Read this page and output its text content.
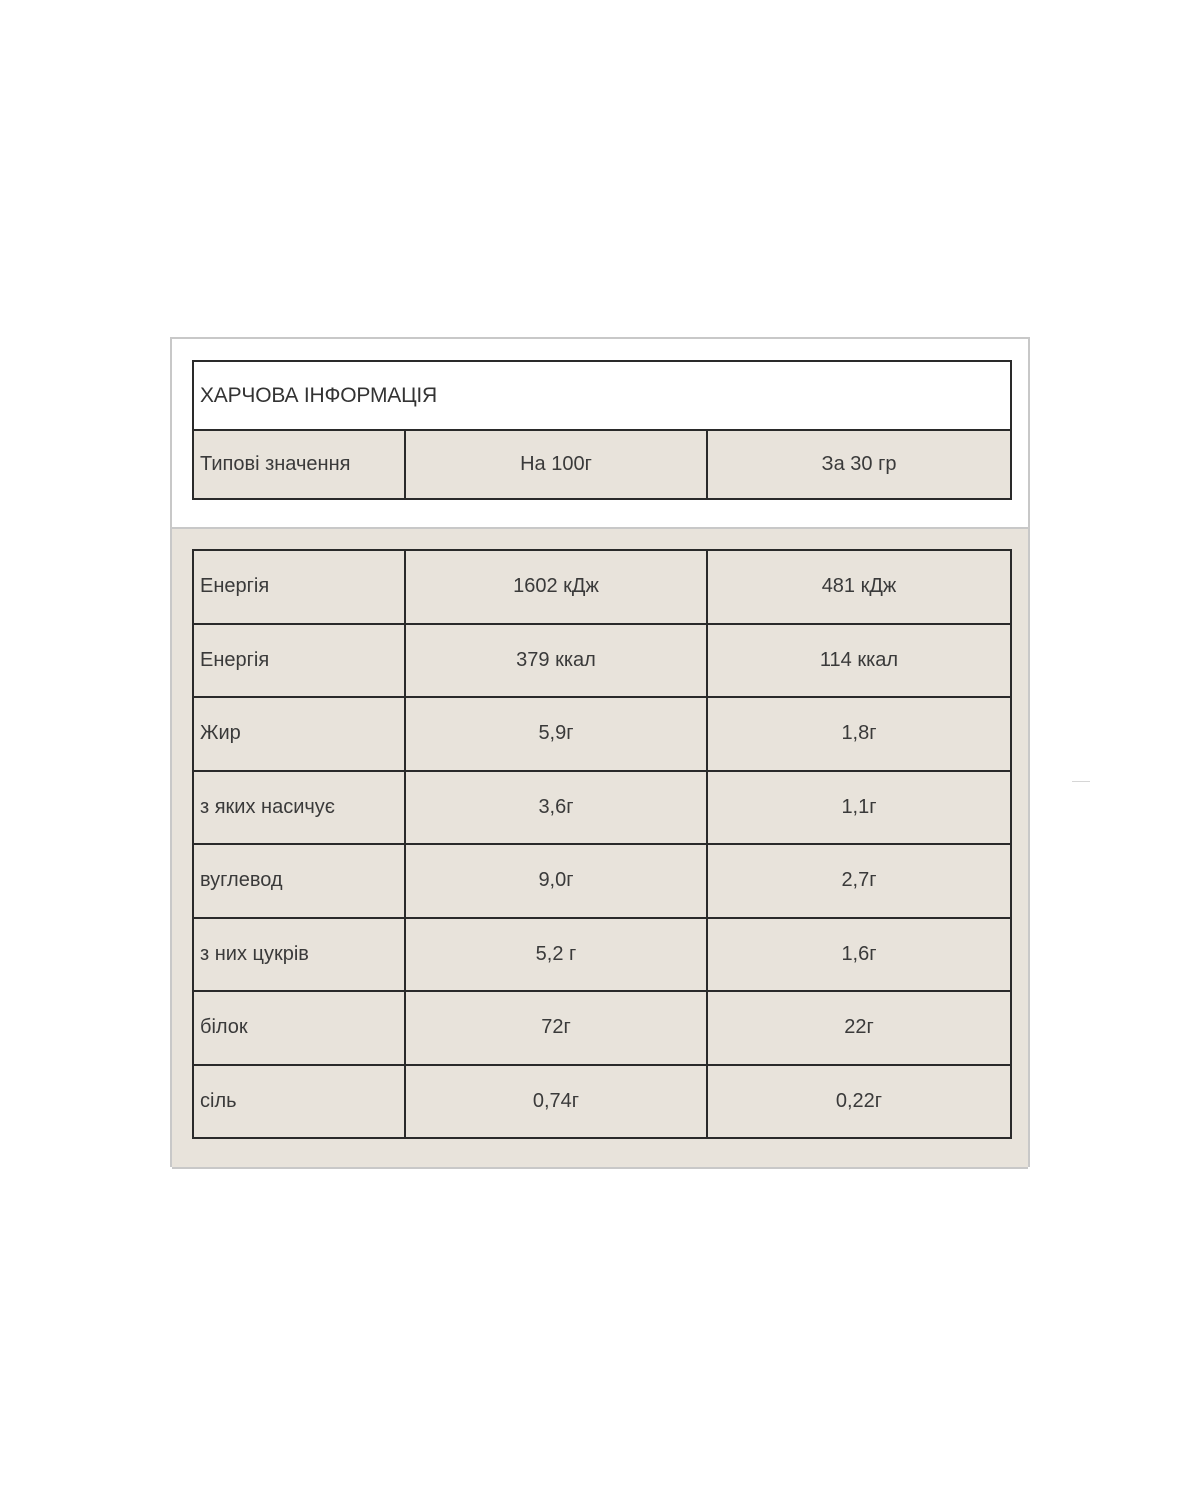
ХАРЧОВА ІНФОРМАЦІЯ
Типові значення	На 100г	За 30 гр
Енергія	1602 кДж	481 кДж
Енергія	379 ккал	114 ккал
Жир	5,9г	1,8г
з яких насичує	3,6г	1,1г
вуглевод	9,0г	2,7г
з них цукрів	5,2 г	1,6г
білок	72г	22г
сіль	0,74г	0,22г
